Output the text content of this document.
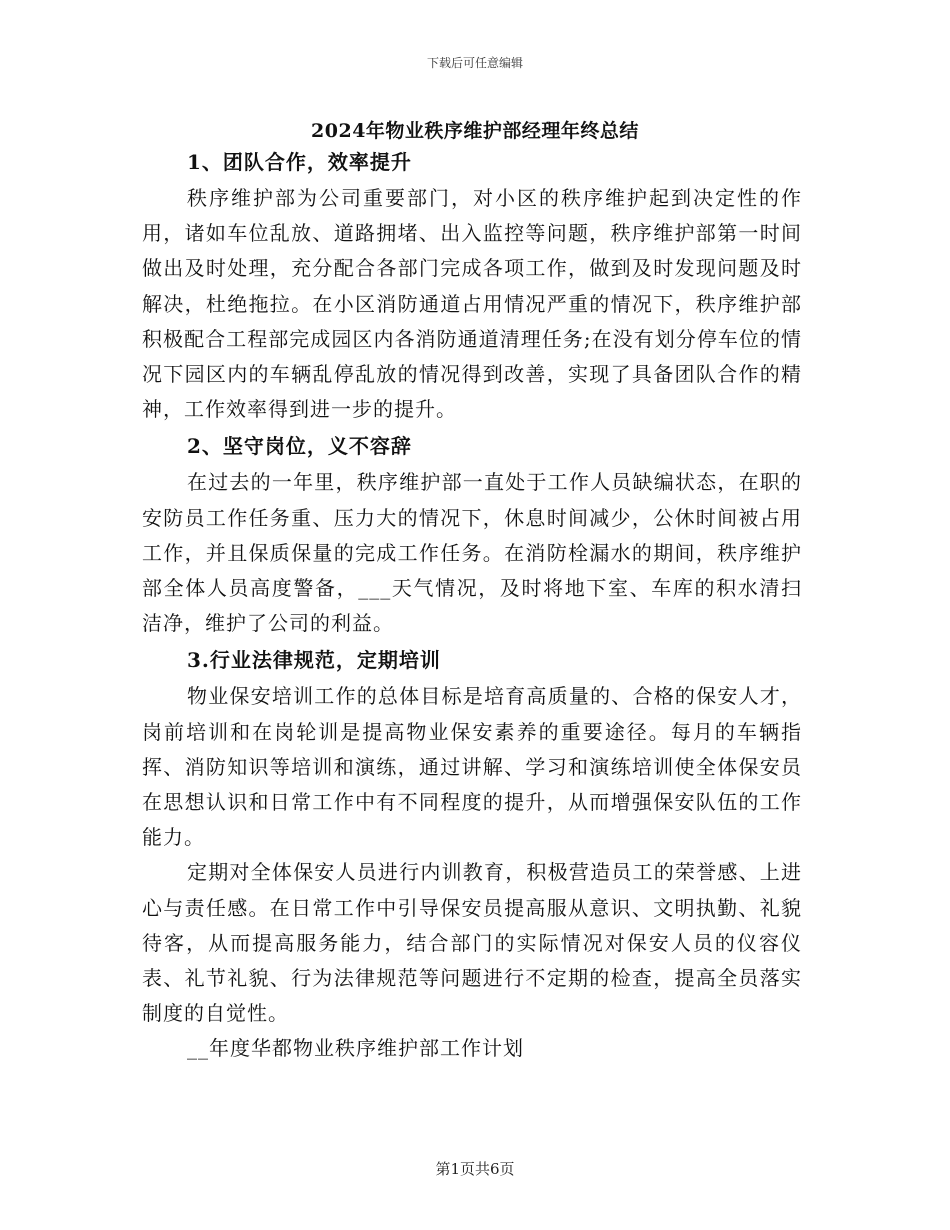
下载后可任意编辑
2024年物业秩序维护部经理年终总结
1、团队合作，效率提升

秩序维护部为公司重要部门，对小区的秩序维护起到决定性的作用，诸如车位乱放、道路拥堵、出入监控等问题，秩序维护部第一时间做出及时处理，充分配合各部门完成各项工作，做到及时发现问题及时解决，杜绝拖拉。在小区消防通道占用情况严重的情况下，秩序维护部积极配合工程部完成园区内各消防通道清理任务;在没有划分停车位的情况下园区内的车辆乱停乱放的情况得到改善，实现了具备团队合作的精神，工作效率得到进一步的提升。

2、坚守岗位，义不容辞

在过去的一年里，秩序维护部一直处于工作人员缺编状态，在职的安防员工作任务重、压力大的情况下，休息时间减少，公休时间被占用工作，并且保质保量的完成工作任务。在消防栓漏水的期间，秩序维护部全体人员高度警备，___天气情况，及时将地下室、车库的积水清扫洁净，维护了公司的利益。

3.行业法律规范，定期培训

物业保安培训工作的总体目标是培育高质量的、合格的保安人才，岗前培训和在岗轮训是提高物业保安素养的重要途径。每月的车辆指挥、消防知识等培训和演练，通过讲解、学习和演练培训使全体保安员在思想认识和日常工作中有不同程度的提升，从而增强保安队伍的工作能力。

定期对全体保安人员进行内训教育，积极营造员工的荣誉感、上进心与责任感。在日常工作中引导保安员提高服从意识、文明执勤、礼貌待客，从而提高服务能力，结合部门的实际情况对保安人员的仪容仪表、礼节礼貌、行为法律规范等问题进行不定期的检查，提高全员落实制度的自觉性。

__年度华都物业秩序维护部工作计划

第1页共6页
